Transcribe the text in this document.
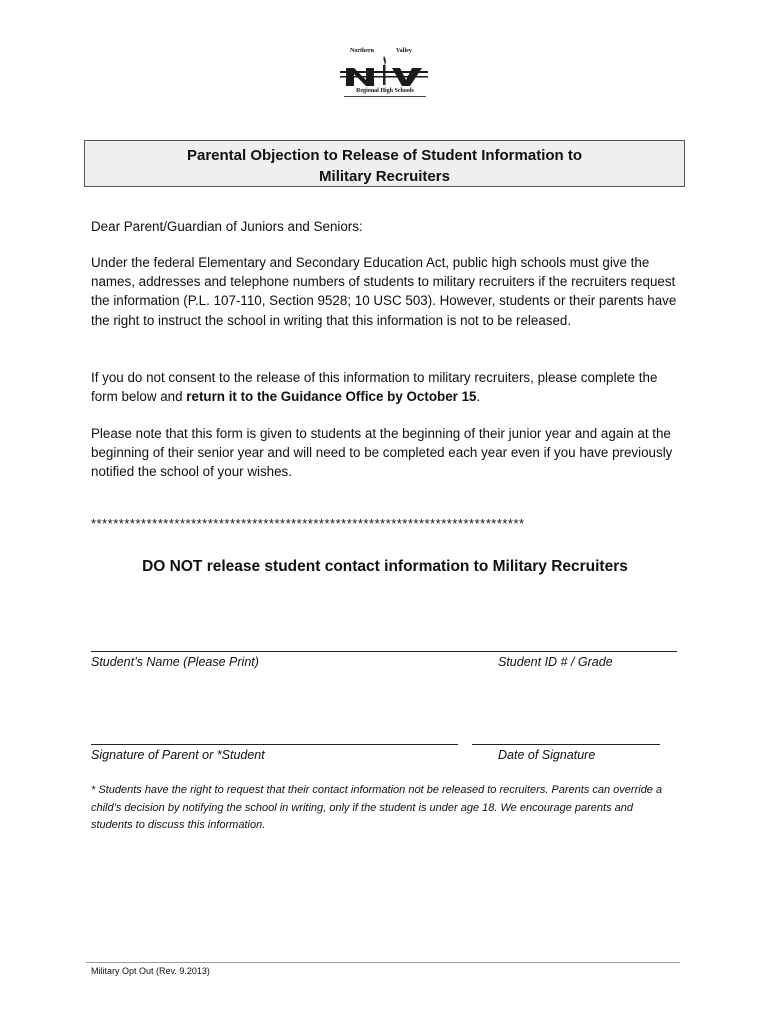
Northern	Valley
Regional High Schools
Parental Objection to Release of Student Information to
Military Recruiters
Dear Parent/Guardian of Juniors and Seniors:
Under the federal Elementary and Secondary Education Act, public high schools must give the names, addresses and telephone numbers of students to military recruiters if the recruiters request the information (P.L. 107-110, Section 9528; 10 USC 503). However, students or their parents have the right to instruct the school in writing that this information is not to be released.
If you do not consent to the release of this information to military recruiters, please complete the form below and return it to the Guidance Office by October 15.
Please note that this form is given to students at the beginning of their junior year and again at the beginning of their senior year and will need to be completed each year even if you have previously notified the school of your wishes.
******************************************************************************
DO NOT release student contact information to Military Recruiters
Student’s Name (Please Print)	Student ID # / Grade
Signature of Parent or *Student	Date of Signature
* Students have the right to request that their contact information not be released to recruiters. Parents can override a child’s decision by notifying the school in writing, only if the student is under age 18. We encourage parents and students to discuss this information.
Military Opt Out (Rev. 9.2013)
